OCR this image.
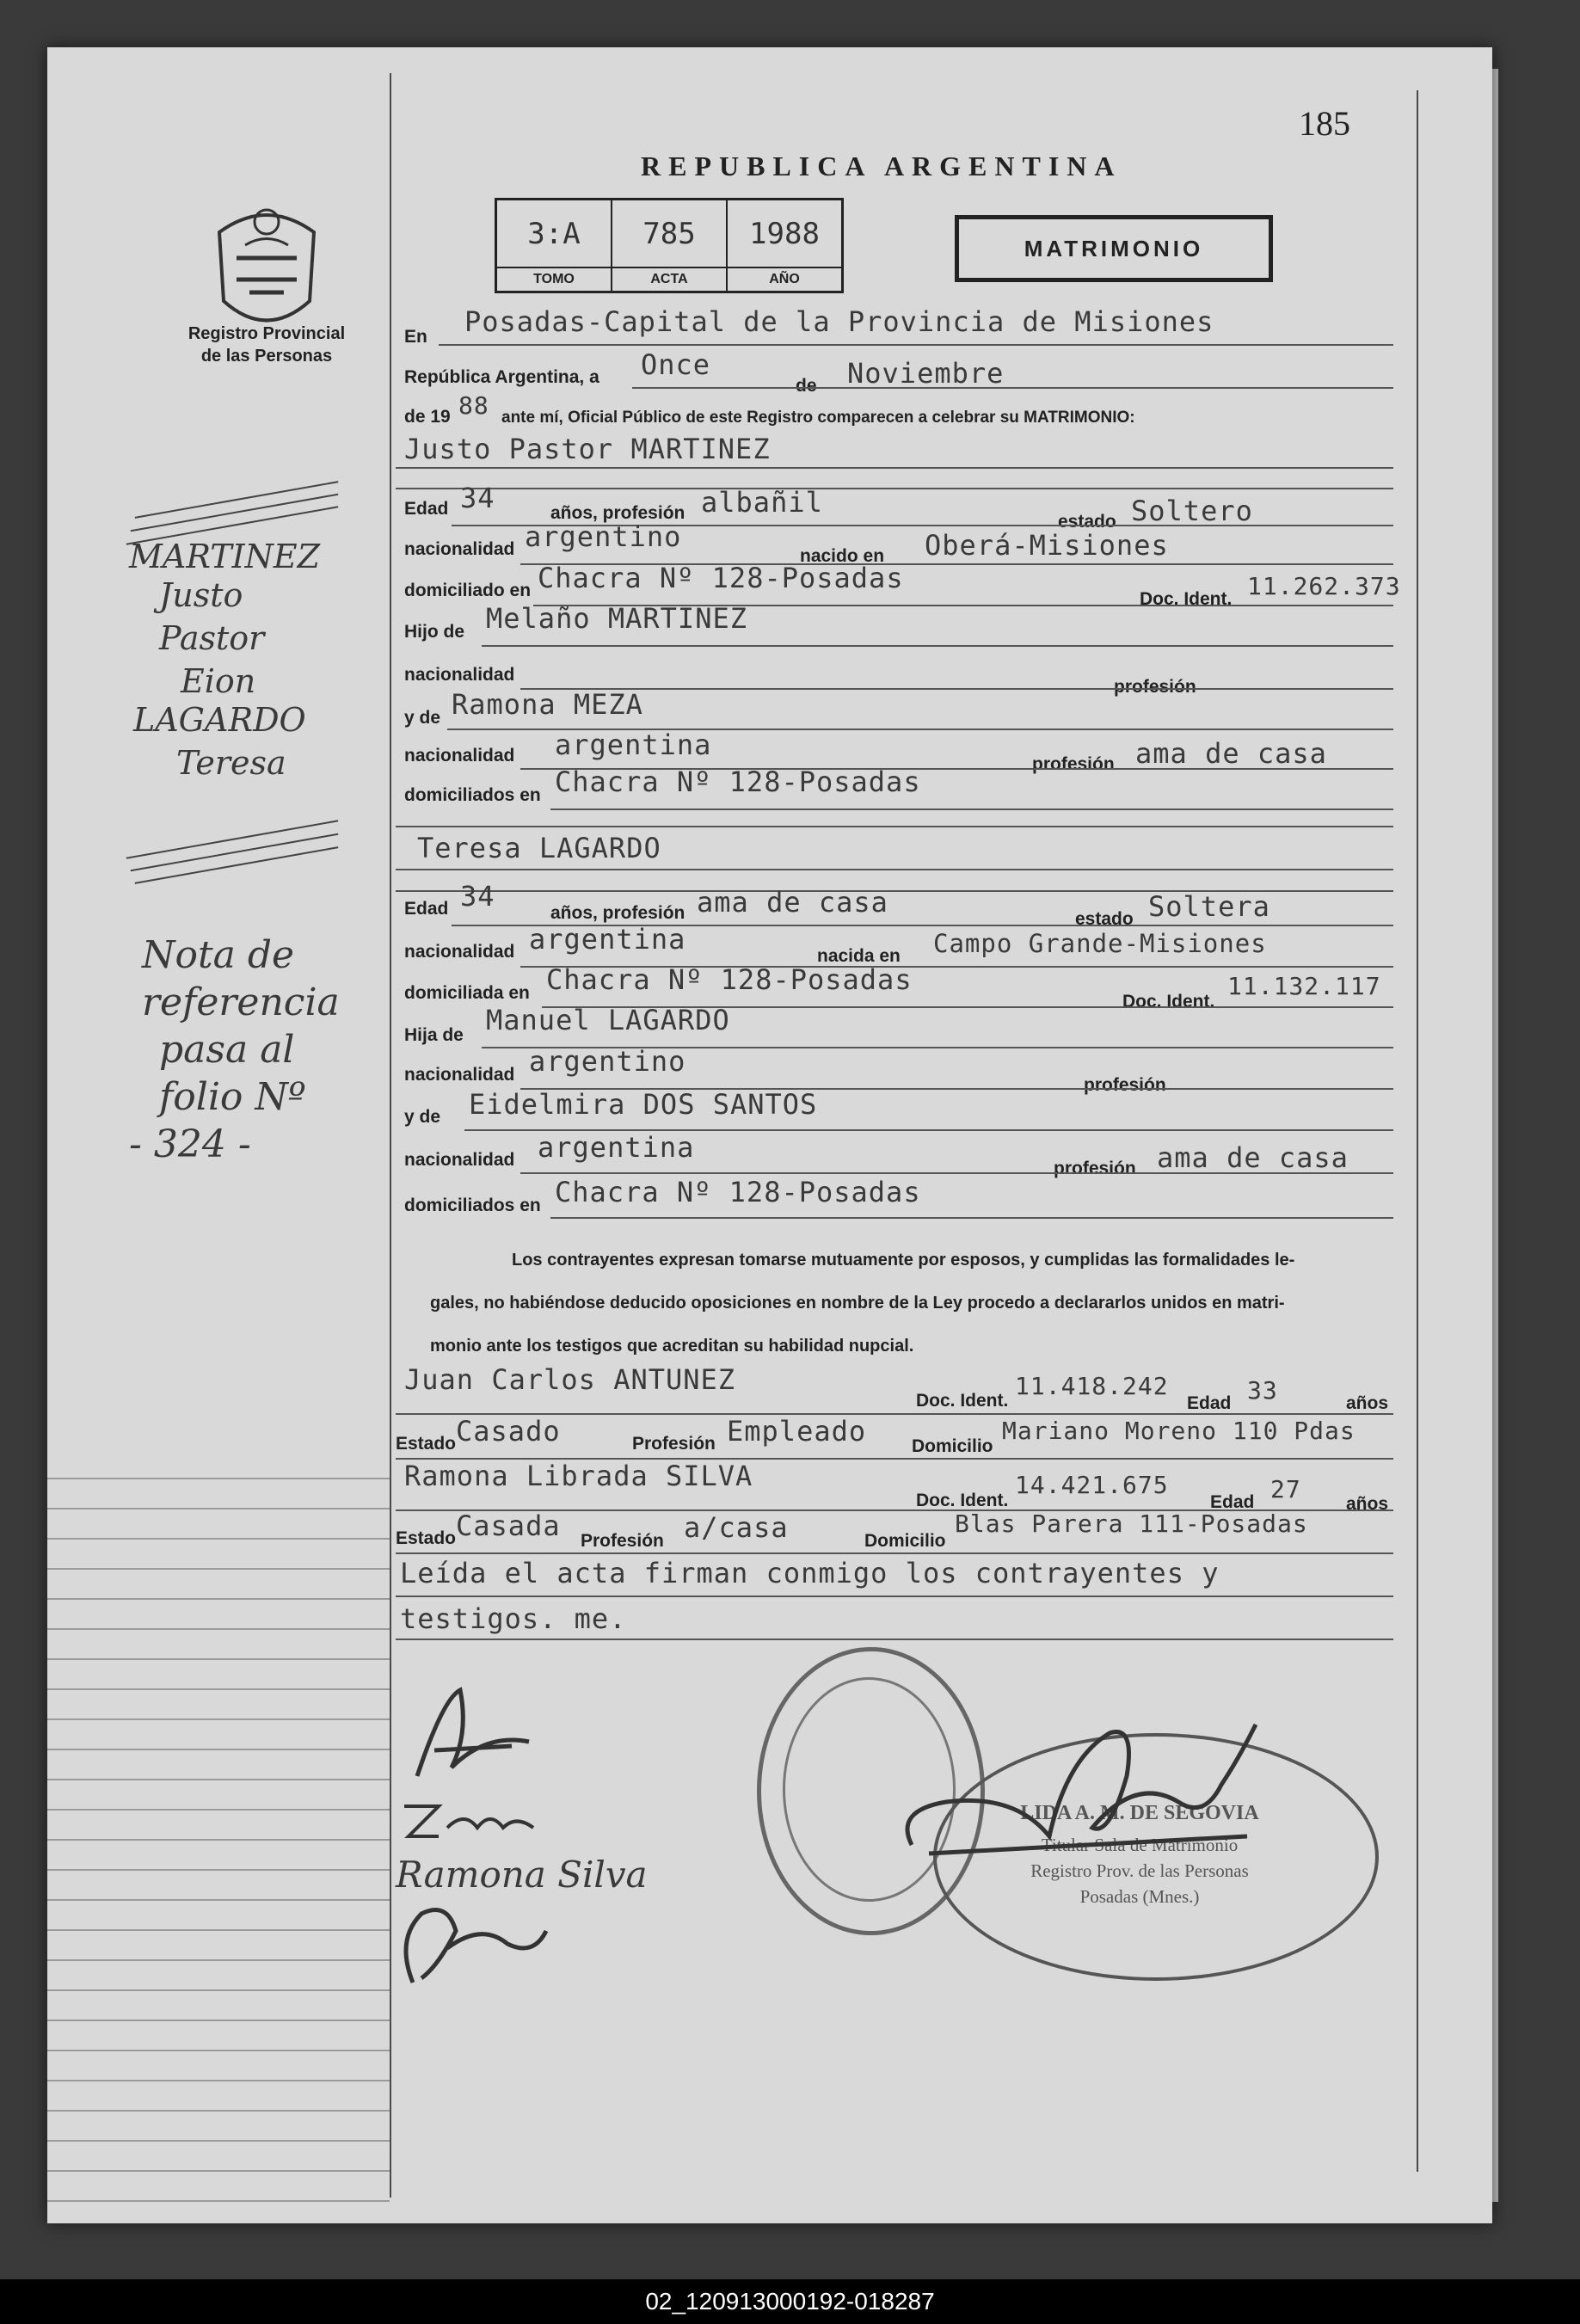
185
REPUBLICA ARGENTINA
Registro Provincial
de las Personas
3:A
TOMO
785
ACTA
1988
AÑO
MATRIMONIO
En Posadas-Capital de la Provincia de Misiones
República Argentina, a Once
de Noviembre
de 19 88 ante mí, Oficial Público de este Registro comparecen a celebrar su MATRIMONIO:
Justo Pastor MARTINEZ
Edad 34	años, profesión albañil
estado Soltero
nacionalidad argentino
nacido en Oberá-Misiones
domiciliado en Chacra Nº 128-Posadas
Doc. Ident. 11.262.373
Hijo de Melaño MARTINEZ
nacionalidad
profesión
y de Ramona MEZA
nacionalidad argentina
profesión ama de casa
domiciliados en Chacra Nº 128-Posadas
Teresa LAGARDO
Edad 34
años, profesión ama de casa
estado Soltera
nacionalidad argentina
nacida en Campo Grande-Misiones
domiciliada en Chacra Nº 128-Posadas
Doc. Ident.
11.132.117
Hija de Manuel LAGARDO
nacionalidad argentino
profesión
y de Eidelmira DOS SANTOS
nacionalidad argentina
profesión ama de casa
domiciliados en Chacra Nº 128-Posadas
Los contrayentes expresan tomarse mutuamente por esposos, y cumplidas las formalidades le-
gales, no habiéndose deducido oposiciones en nombre de la Ley procedo a declararlos unidos en matri-
monio ante los testigos que acreditan su habilidad nupcial.
Juan Carlos ANTUNEZ
Doc. Ident.
11.418.242
Edad 33	años
Estado Casado	Profesión Empleado	Domicilio
Mariano Moreno 110 Pdas
Ramona Librada SILVA
Doc. Ident.
14.421.675
Edad 27
años
Estado Casada Profesión a/casa	Domicilio
Blas Parera 111-Posadas
Leída el acta firman conmigo los contrayentes y
testigos. me.
MARTINEZ
Justo
Pastor
Eion
LAGARDO
Teresa
Nota de
referencia
pasa al
folio Nº
- 324 -
Ramona Silva
LIDA A. M. DE SEGOVIA
Titular Sala de Matrimonio
Registro Prov. de las Personas
Posadas (Mnes.)
02_120913000192-018287
